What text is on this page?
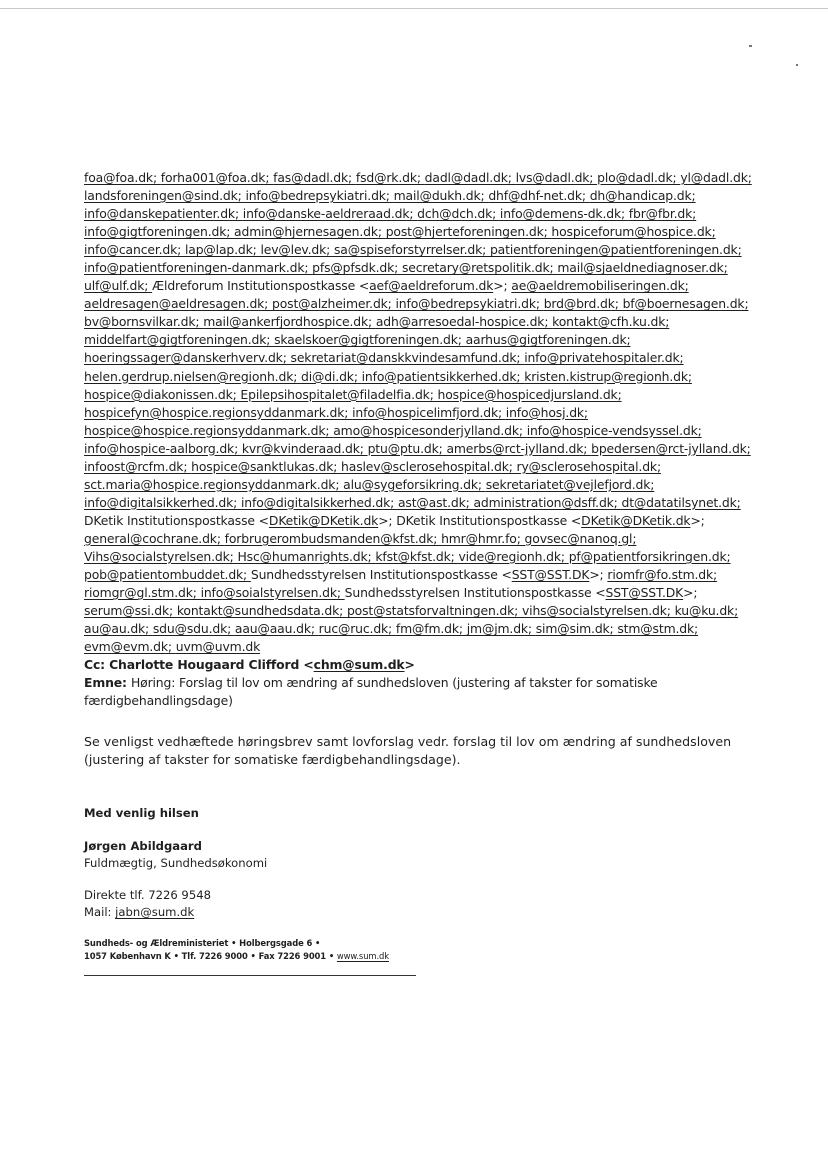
foa@foa.dk; forha001@foa.dk; fas@dadl.dk; fsd@rk.dk; dadl@dadl.dk; lvs@dadl.dk; plo@dadl.dk; yl@dadl.dk;
landsforeningen@sind.dk; info@bedrepsykiatri.dk; mail@dukh.dk; dhf@dhf-net.dk; dh@handicap.dk;
info@danskepatienter.dk; info@danske-aeldreraad.dk; dch@dch.dk; info@demens-dk.dk; fbr@fbr.dk;
info@gigtforeningen.dk; admin@hjernesagen.dk; post@hjerteforeningen.dk; hospiceforum@hospice.dk;
info@cancer.dk; lap@lap.dk; lev@lev.dk; sa@spiseforstyrrelser.dk; patientforeningen@patientforeningen.dk;
info@patientforeningen-danmark.dk; pfs@pfsdk.dk; secretary@retspolitik.dk; mail@sjaeldnediagnoser.dk;
ulf@ulf.dk; Ældreforum Institutionspostkasse <aef@aeldreforum.dk>; ae@aeldremobiliseringen.dk;
aeldresagen@aeldresagen.dk; post@alzheimer.dk; info@bedrepsykiatri.dk; brd@brd.dk; bf@boernesagen.dk;
bv@bornsvilkar.dk; mail@ankerfjordhospice.dk; adh@arresoedal-hospice.dk; kontakt@cfh.ku.dk;
middelfart@gigtforeningen.dk; skaelskoer@gigtforeningen.dk; aarhus@gigtforeningen.dk;
hoeringssager@danskerhverv.dk; sekretariat@danskkvindesamfund.dk; info@privatehospitaler.dk;
helen.gerdrup.nielsen@regionh.dk; di@di.dk; info@patientsikkerhed.dk; kristen.kistrup@regionh.dk;
hospice@diakonissen.dk; Epilepsihospitalet@filadelfia.dk; hospice@hospicedjursland.dk;
hospicefyn@hospice.regionsyddanmark.dk; info@hospicelimfjord.dk; info@hosj.dk;
hospice@hospice.regionsyddanmark.dk; amo@hospicesonderjylland.dk; info@hospice-vendsyssel.dk;
info@hospice-aalborg.dk; kvr@kvinderaad.dk; ptu@ptu.dk; amerbs@rct-jylland.dk; bpedersen@rct-jylland.dk;
infoost@rcfm.dk; hospice@sanktlukas.dk; haslev@sclerosehospital.dk; ry@sclerosehospital.dk;
sct.maria@hospice.regionsyddanmark.dk; alu@sygeforsikring.dk; sekretariatet@vejlefjord.dk;
info@digitalsikkerhed.dk; info@digitalsikkerhed.dk; ast@ast.dk; administration@dsff.dk; dt@datatilsynet.dk;
DKetik Institutionspostkasse <DKetik@DKetik.dk>; DKetik Institutionspostkasse <DKetik@DKetik.dk>;
general@cochrane.dk; forbrugerombudsmanden@kfst.dk; hmr@hmr.fo; govsec@nanoq.gl;
Vihs@socialstyrelsen.dk; Hsc@humanrights.dk; kfst@kfst.dk; vide@regionh.dk; pf@patientforsikringen.dk;
pob@patientombuddet.dk; Sundhedsstyrelsen Institutionspostkasse <SST@SST.DK>; riomfr@fo.stm.dk;
riomgr@gl.stm.dk; info@soialstyrelsen.dk; Sundhedsstyrelsen Institutionspostkasse <SST@SST.DK>;
serum@ssi.dk; kontakt@sundhedsdata.dk; post@statsforvaltningen.dk; vihs@socialstyrelsen.dk; ku@ku.dk;
au@au.dk; sdu@sdu.dk; aau@aau.dk; ruc@ruc.dk; fm@fm.dk; jm@jm.dk; sim@sim.dk; stm@stm.dk;
evm@evm.dk; uvm@uvm.dk
Cc: Charlotte Hougaard Clifford <chm@sum.dk>
Emne: Høring: Forslag til lov om ændring af sundhedsloven (justering af takster for somatiske færdigbehandlingsdage)
Se venligst vedhæftede høringsbrev samt lovforslag vedr. forslag til lov om ændring af sundhedsloven (justering af takster for somatiske færdigbehandlingsdage).
Med venlig hilsen
Jørgen Abildgaard
Fuldmægtig, Sundhedsøkonomi
Direkte tlf. 7226 9548
Mail: jabn@sum.dk
Sundheds- og Ældreministeriet • Holbergsgade 6 •
1057 København K • Tlf. 7226 9000 • Fax 7226 9001 • www.sum.dk
